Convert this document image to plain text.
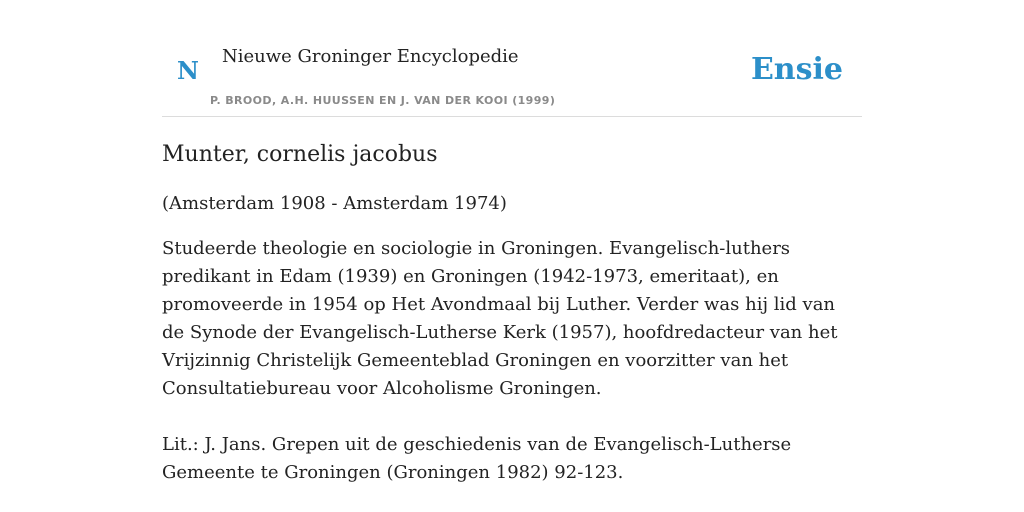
N Nieuwe Groninger Encyclopedie
P. BROOD, A.H. HUUSSEN EN J. VAN DER KOOI (1999)
Ensie
Munter, cornelis jacobus

(Amsterdam 1908 - Amsterdam 1974)

Studeerde theologie en sociologie in Groningen. Evangelisch-luthers predikant in Edam (1939) en Groningen (1942-1973, emeritaat), en promoveerde in 1954 op Het Avondmaal bij Luther. Verder was hij lid van de Synode der Evangelisch-Lutherse Kerk (1957), hoofdredacteur van het Vrijzinnig Christelijk Gemeenteblad Groningen en voorzitter van het Consultatiebureau voor Alcoholisme Groningen.

Lit.: J. Jans. Grepen uit de geschiedenis van de Evangelisch-Lutherse Gemeente te Groningen (Groningen 1982) 92-123.
